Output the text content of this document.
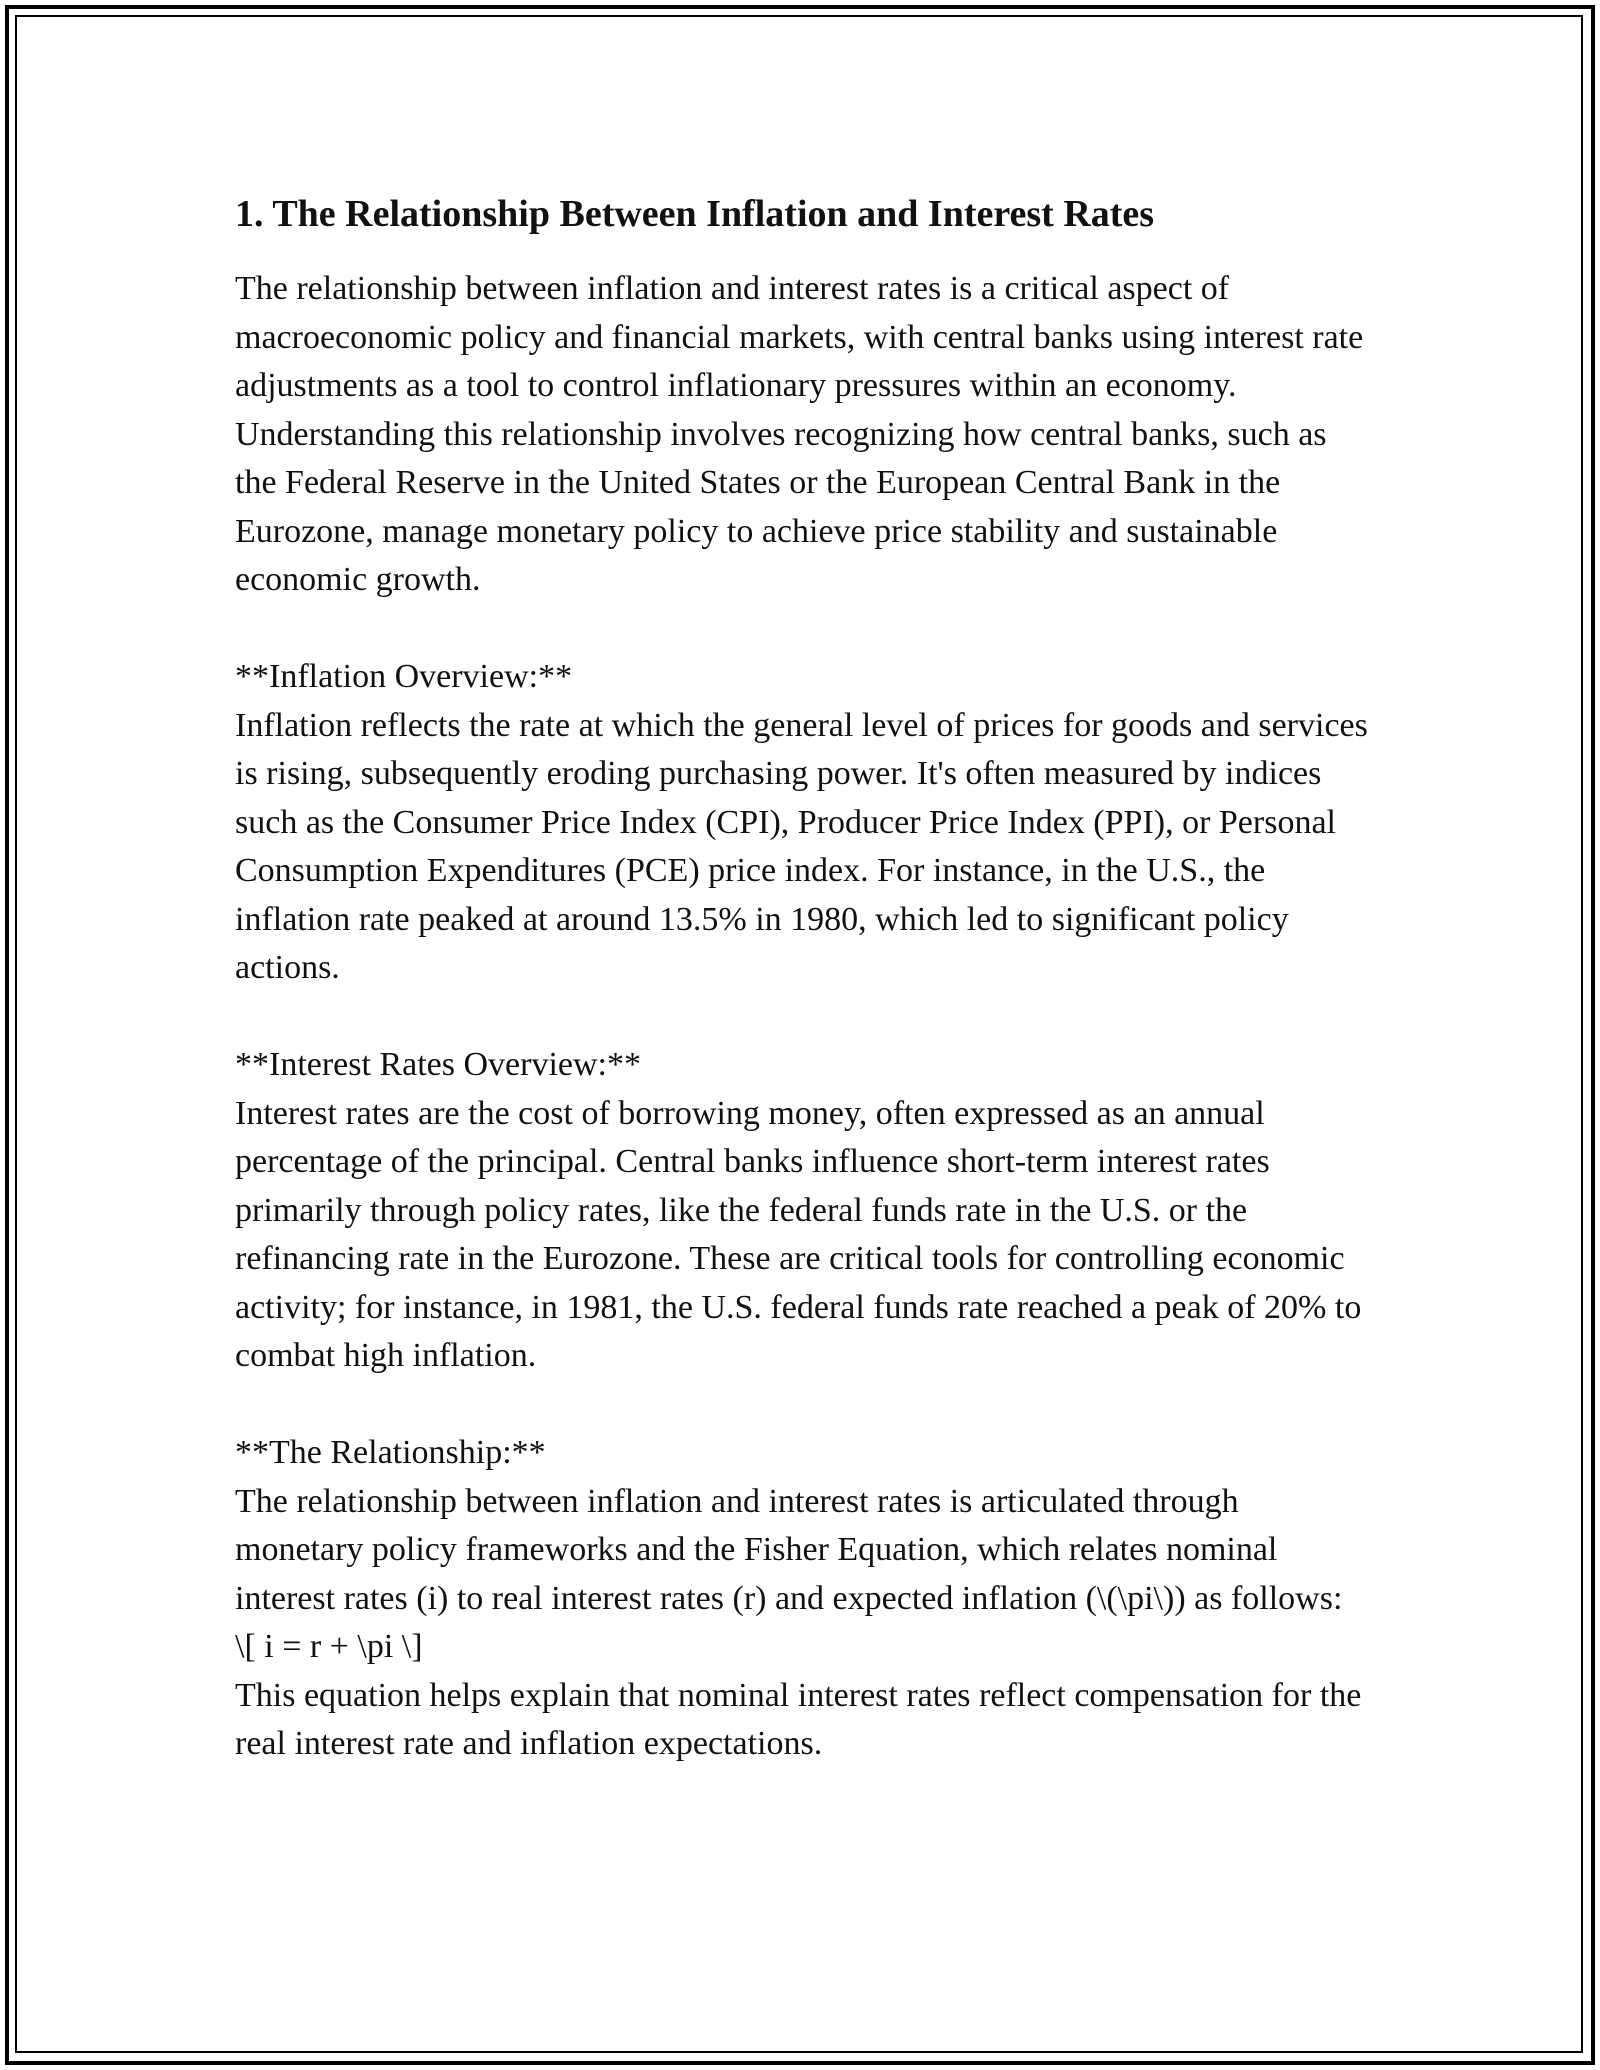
1. The Relationship Between Inflation and Interest Rates

The relationship between inflation and interest rates is a critical aspect of macroeconomic policy and financial markets, with central banks using interest rate adjustments as a tool to control inflationary pressures within an economy. Understanding this relationship involves recognizing how central banks, such as the Federal Reserve in the United States or the European Central Bank in the Eurozone, manage monetary policy to achieve price stability and sustainable economic growth.

**Inflation Overview:**

Inflation reflects the rate at which the general level of prices for goods and services is rising, subsequently eroding purchasing power. It's often measured by indices such as the Consumer Price Index (CPI), Producer Price Index (PPI), or Personal Consumption Expenditures (PCE) price index. For instance, in the U.S., the inflation rate peaked at around 13.5% in 1980, which led to significant policy actions.

**Interest Rates Overview:**

Interest rates are the cost of borrowing money, often expressed as an annual percentage of the principal. Central banks influence short-term interest rates primarily through policy rates, like the federal funds rate in the U.S. or the refinancing rate in the Eurozone. These are critical tools for controlling economic activity; for instance, in 1981, the U.S. federal funds rate reached a peak of 20% to combat high inflation.

**The Relationship:**

The relationship between inflation and interest rates is articulated through monetary policy frameworks and the Fisher Equation, which relates nominal interest rates (i) to real interest rates (r) and expected inflation (\(\pi\)) as follows:

\[ i = r + \pi \]

This equation helps explain that nominal interest rates reflect compensation for the real interest rate and inflation expectations.
